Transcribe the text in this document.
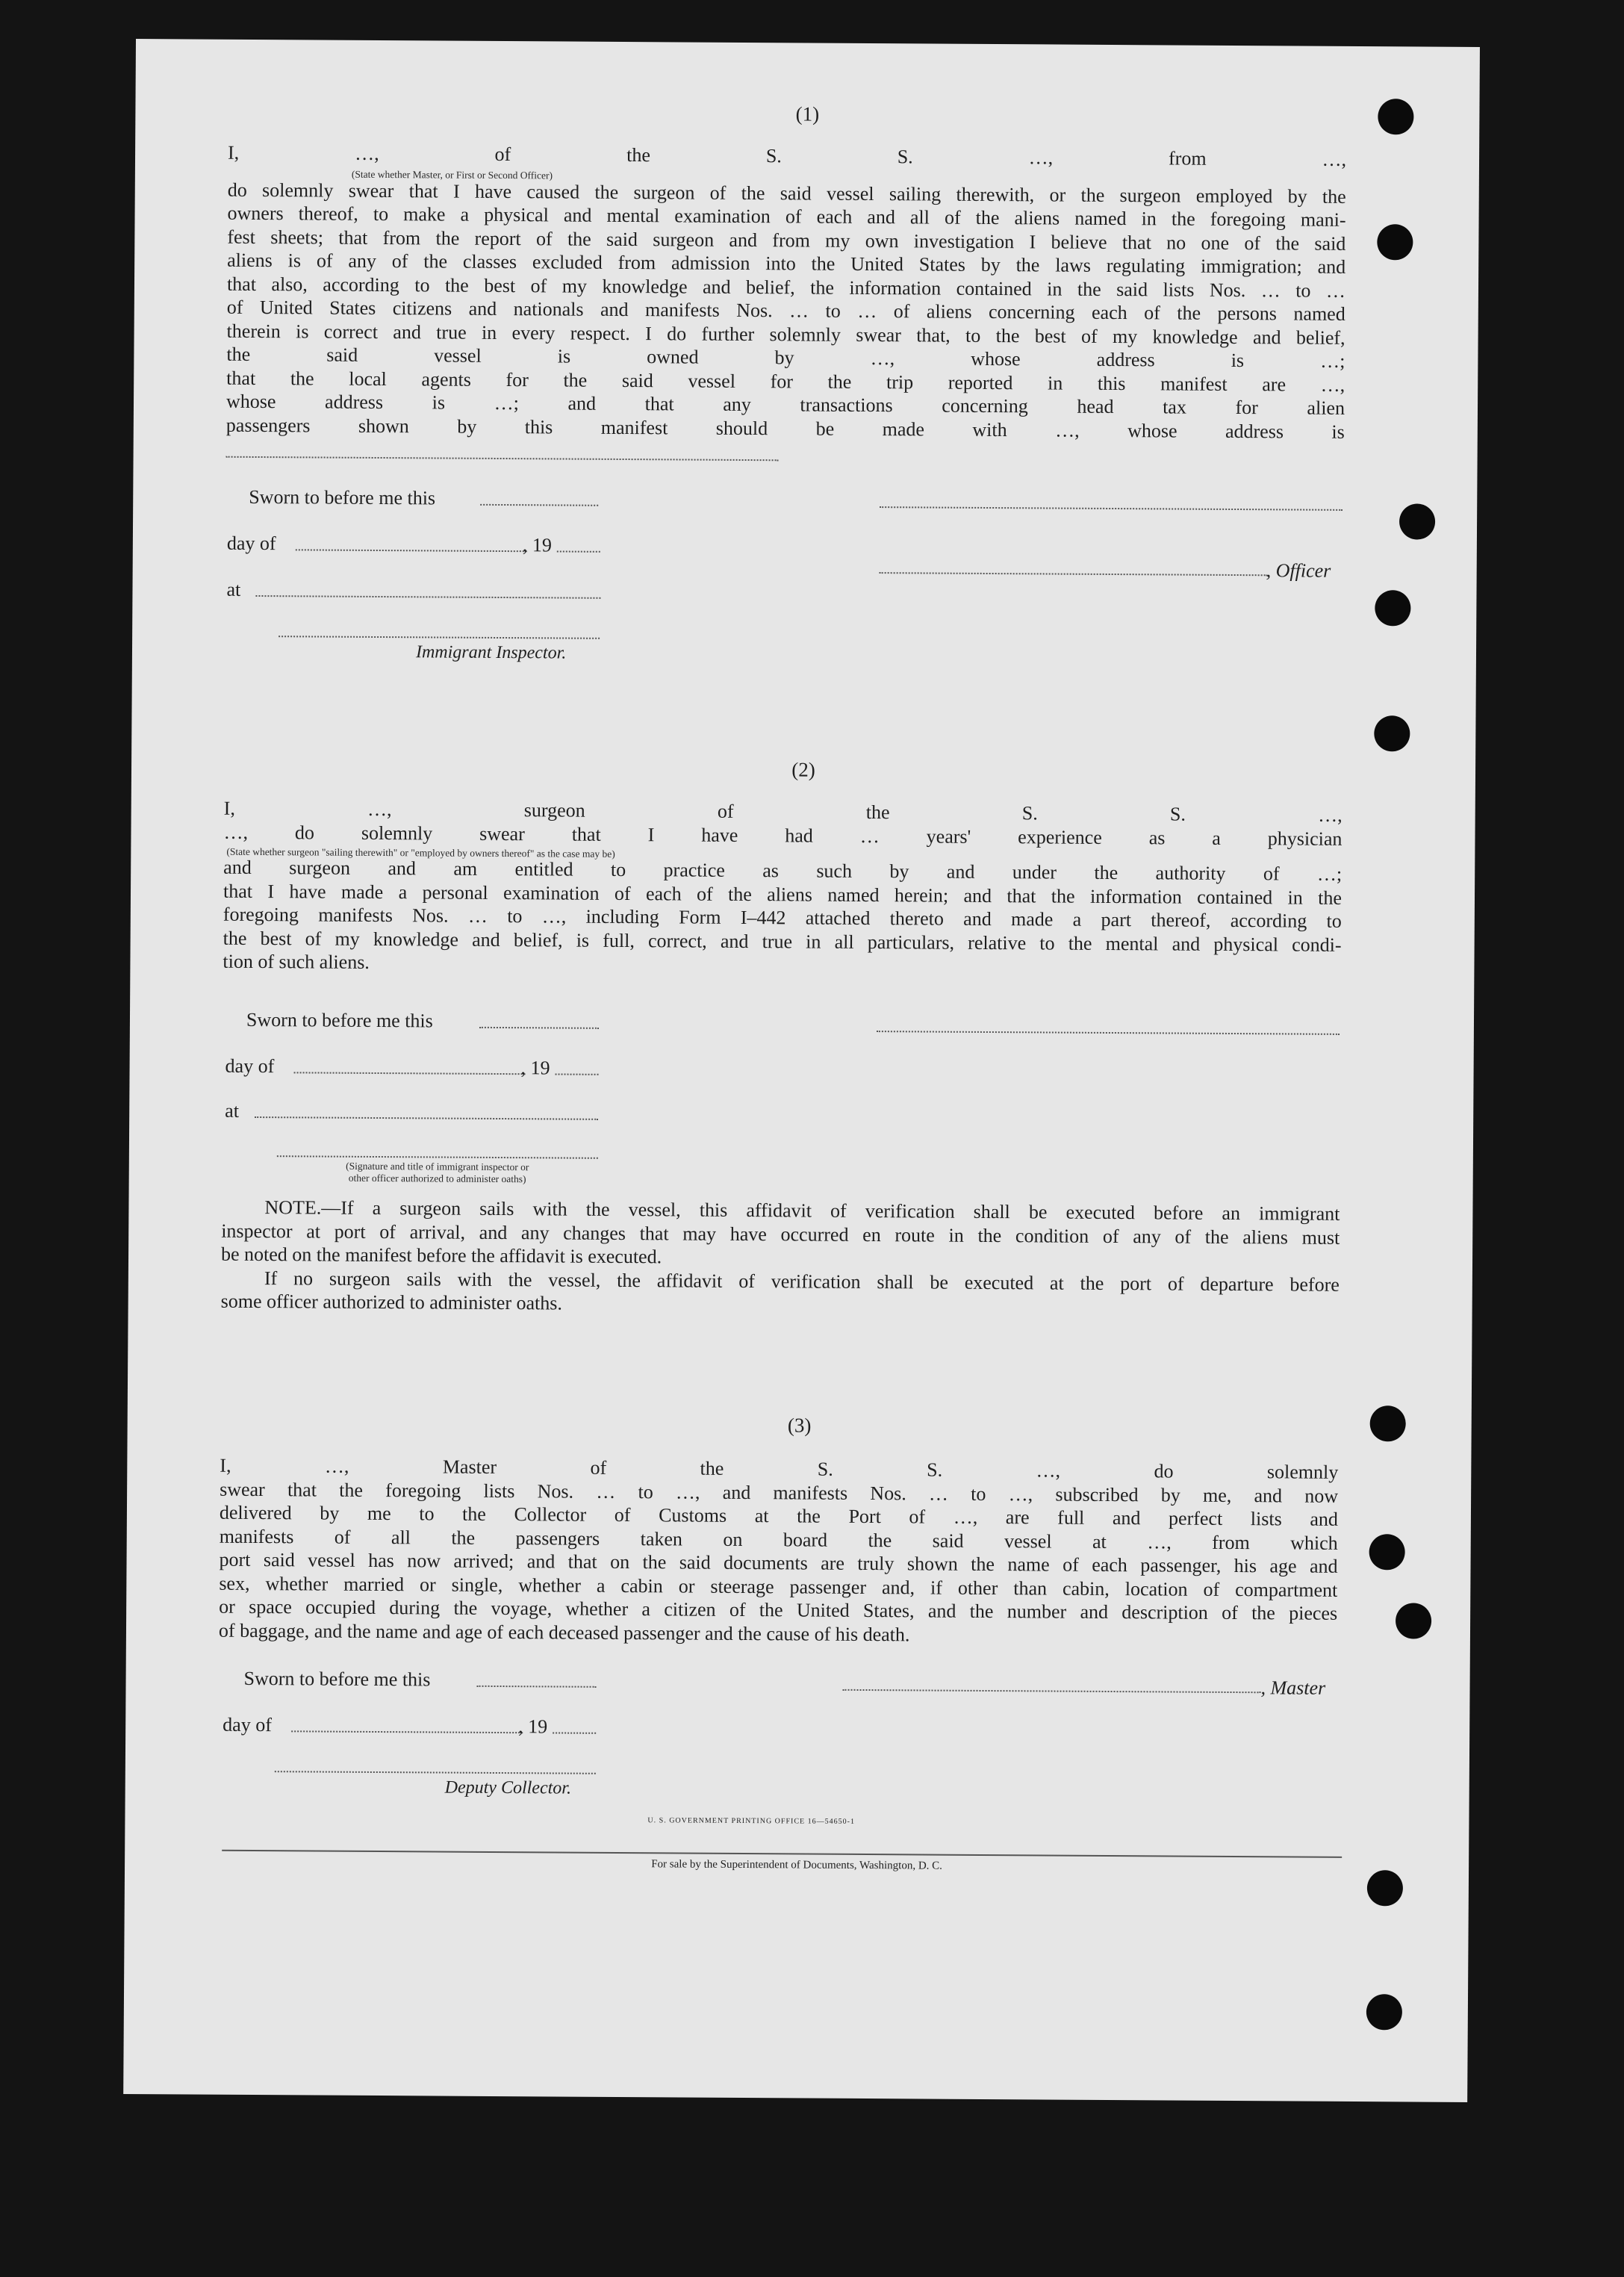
(1)
I, …, of the S. S. …, from …,
do solemnly swear that I have caused the surgeon of the said vessel sailing therewith, or the surgeon employed by the
owners thereof, to make a physical and mental examination of each and all of the aliens named in the foregoing mani-
fest sheets; that from the report of the said surgeon and from my own investigation I believe that no one of the said
aliens is of any of the classes excluded from admission into the United States by the laws regulating immigration; and
that also, according to the best of my knowledge and belief, the information contained in the said lists Nos. … to …
of United States citizens and nationals and manifests Nos. … to … of aliens concerning each of the persons named
therein is correct and true in every respect. I do further solemnly swear that, to the best of my knowledge and belief,
the said vessel is owned by …, whose address is …;
that the local agents for the said vessel for the trip reported in this manifest are …,
whose address is …; and that any transactions concerning head tax for alien
passengers shown by this manifest should be made with …, whose address is
(State whether Master, or First or Second Officer)
Sworn to before me this
day of	, 19
, Officer
at
Immigrant Inspector.
(2)
I, …, surgeon of the S. S. …,
…, do solemnly swear that I have had … years' experience as a physician
and surgeon and am entitled to practice as such by and under the authority of …;
that I have made a personal examination of each of the aliens named herein; and that the information contained in the
foregoing manifests Nos. … to …, including Form I–442 attached thereto and made a part thereof, according to
the best of my knowledge and belief, is full, correct, and true in all particulars, relative to the mental and physical condi-
tion of such aliens.
(State whether surgeon "sailing therewith" or "employed by owners thereof" as the case may be)
Sworn to before me this
day of	, 19
at
(Signature and title of immigrant inspector or
other officer authorized to administer oaths)
NOTE.—If a surgeon sails with the vessel, this affidavit of verification shall be executed before an immigrant
inspector at port of arrival, and any changes that may have occurred en route in the condition of any of the aliens must
be noted on the manifest before the affidavit is executed.
If no surgeon sails with the vessel, the affidavit of verification shall be executed at the port of departure before
some officer authorized to administer oaths.
(3)
I, …, Master of the S. S. …, do solemnly
swear that the foregoing lists Nos. … to …, and manifests Nos. … to …, subscribed by me, and now
delivered by me to the Collector of Customs at the Port of …, are full and perfect lists and
manifests of all the passengers taken on board the said vessel at …, from which
port said vessel has now arrived; and that on the said documents are truly shown the name of each passenger, his age and
sex, whether married or single, whether a cabin or steerage passenger and, if other than cabin, location of compartment
or space occupied during the voyage, whether a citizen of the United States, and the number and description of the pieces
of baggage, and the name and age of each deceased passenger and the cause of his death.
Sworn to before me this	, Master
day of	, 19
Deputy Collector.
U. S. GOVERNMENT PRINTING OFFICE 16—54650-1
For sale by the Superintendent of Documents, Washington, D. C.
